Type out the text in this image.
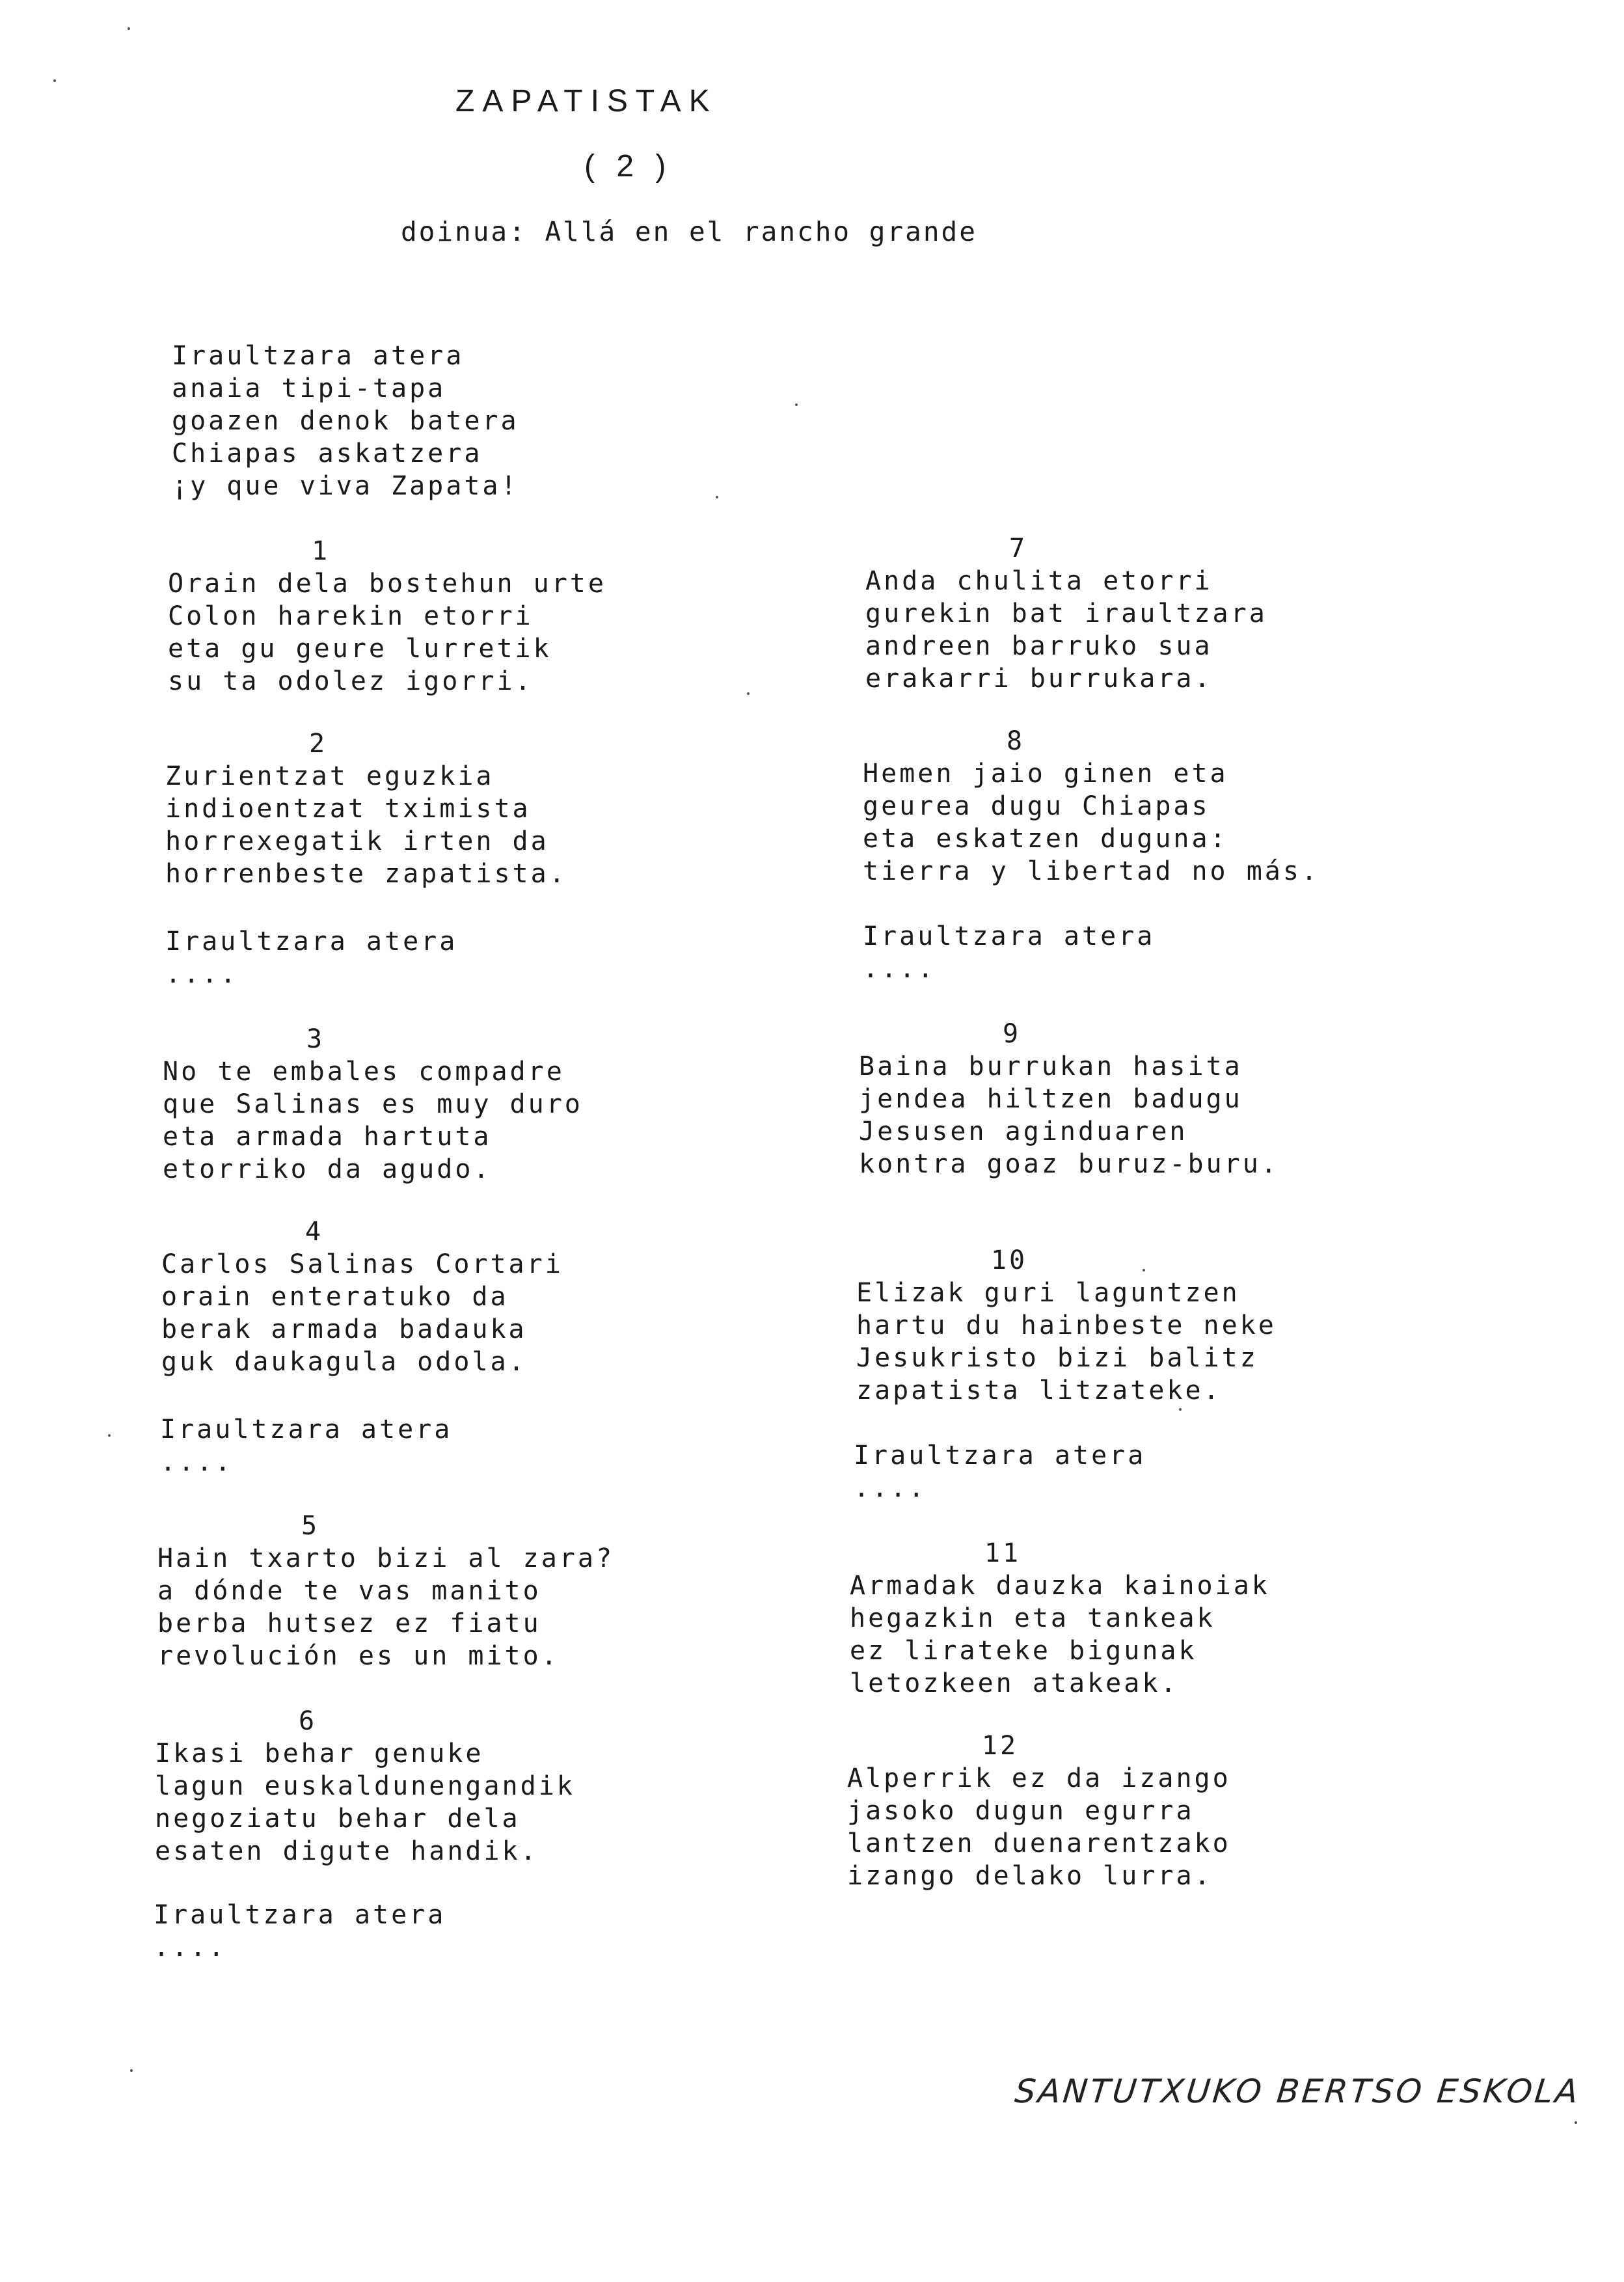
ZAPATISTAK
( 2 )
doinua: Allá en el rancho grande
Iraultzara atera
anaia tipi-tapa
goazen denok batera
Chiapas askatzera
¡y que viva Zapata!
1
Orain dela bostehun urte
Colon harekin etorri
eta gu geure lurretik
su ta odolez igorri.
2
Zurientzat eguzkia
indioentzat tximista
horrexegatik irten da
horrenbeste zapatista.
Iraultzara atera
....
3
No te embales compadre
que Salinas es muy duro
eta armada hartuta
etorriko da agudo.
4
Carlos Salinas Cortari
orain enteratuko da
berak armada badauka
guk daukagula odola.
Iraultzara atera
....
5
Hain txarto bizi al zara?
a dónde te vas manito
berba hutsez ez fiatu
revolución es un mito.
6
Ikasi behar genuke
lagun euskaldunengandik
negoziatu behar dela
esaten digute handik.
Iraultzara atera
....
7
Anda chulita etorri
gurekin bat iraultzara
andreen barruko sua
erakarri burrukara.
8
Hemen jaio ginen eta
geurea dugu Chiapas
eta eskatzen duguna:
tierra y libertad no más.
Iraultzara atera
....
9
Baina burrukan hasita
jendea hiltzen badugu
Jesusen aginduaren
kontra goaz buruz-buru.
10
Elizak guri laguntzen
hartu du hainbeste neke
Jesukristo bizi balitz
zapatista litzateke.
Iraultzara atera
....
11
Armadak dauzka kainoiak
hegazkin eta tankeak
ez lirateke bigunak
letozkeen atakeak.
12
Alperrik ez da izango
jasoko dugun egurra
lantzen duenarentzako
izango delako lurra.
SANTUTXUKO BERTSO ESKOLA
